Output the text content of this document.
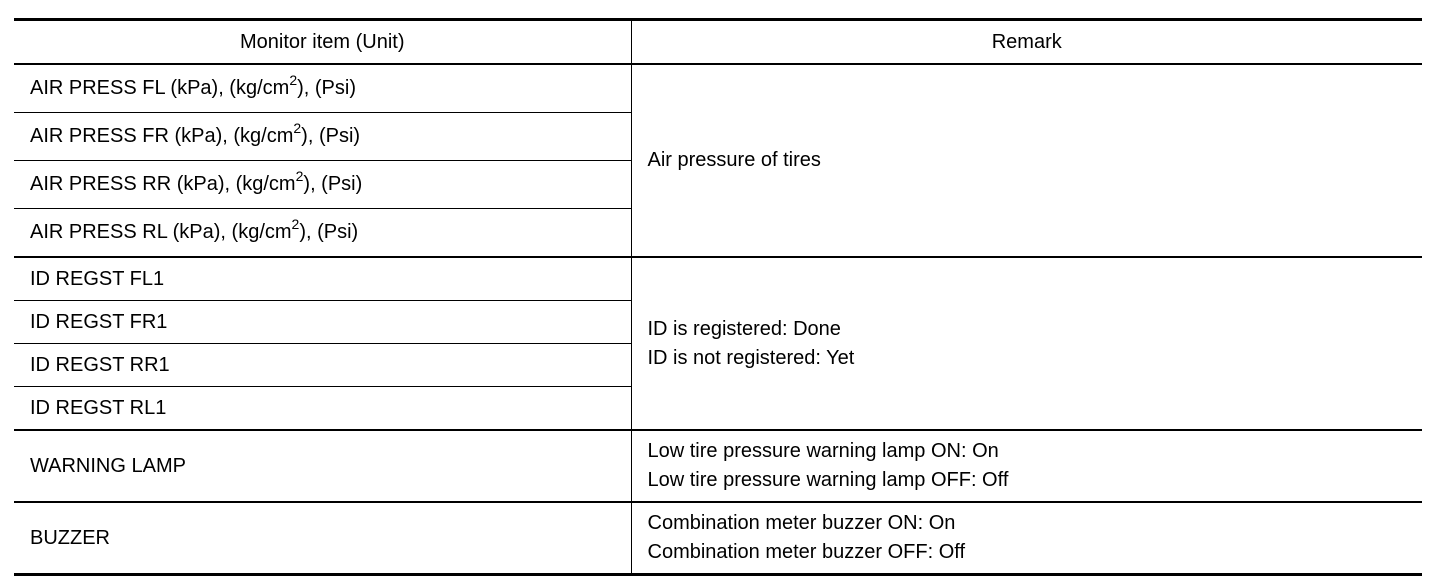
Monitor item (Unit)	Remark
AIR PRESS FL (kPa), $(kg/cm^2)$, (Psi)	Air pressure of tires
AIR PRESS FR (kPa), $(kg/cm^2)$, (Psi)	
AIR PRESS RR (kPa), $(kg/cm^2)$, (Psi)	
AIR PRESS RL (kPa), $(kg/cm^2)$, (Psi)	
ID REGST FL1	ID is registered: Done
ID is not registered: Yet

ID REGST FR1	
ID REGST RR1	
ID REGST RL1	
WARNING LAMP	Low tire pressure warning lamp ON: On
Low tire pressure warning lamp OFF: Off

BUZZER	Combination meter buzzer ON: On
Combination meter buzzer OFF: Off
